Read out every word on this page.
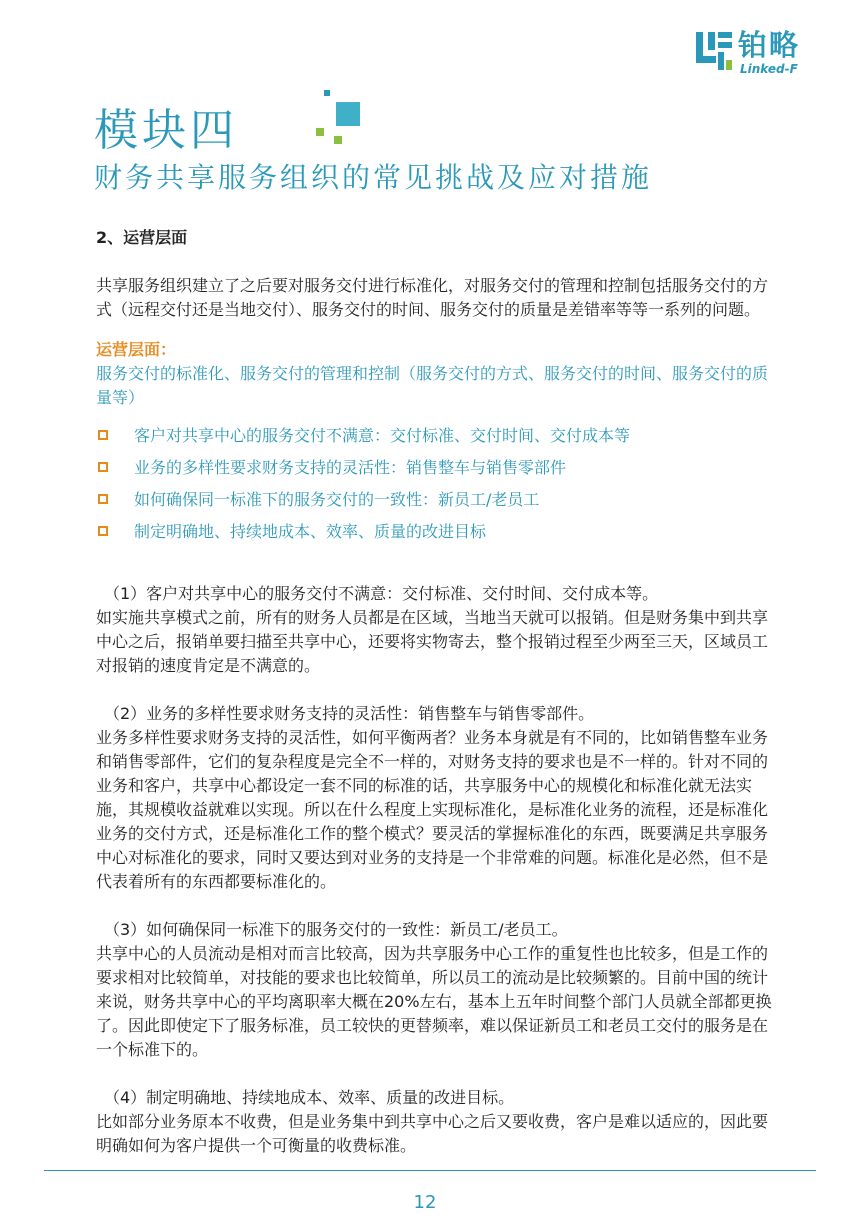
铂略
Linked-F
模块四
财务共享服务组织的常见挑战及应对措施
2、运营层面

共享服务组织建立了之后要对服务交付进行标准化，对服务交付的管理和控制包括服务交付的方式（远程交付还是当地交付）、服务交付的时间、服务交付的质量是差错率等等一系列的问题。

运营层面：
服务交付的标准化、服务交付的管理和控制（服务交付的方式、服务交付的时间、服务交付的质量等）
客户对共享中心的服务交付不满意：交付标准、交付时间、交付成本等
业务的多样性要求财务支持的灵活性：销售整车与销售零部件
如何确保同一标准下的服务交付的一致性：新员工/老员工
制定明确地、持续地成本、效率、质量的改进目标
（1）客户对共享中心的服务交付不满意：交付标准、交付时间、交付成本等。

如实施共享模式之前，所有的财务人员都是在区域，当地当天就可以报销。但是财务集中到共享中心之后，报销单要扫描至共享中心，还要将实物寄去，整个报销过程至少两至三天，区域员工对报销的速度肯定是不满意的。

（2）业务的多样性要求财务支持的灵活性：销售整车与销售零部件。

业务多样性要求财务支持的灵活性，如何平衡两者？业务本身就是有不同的，比如销售整车业务和销售零部件，它们的复杂程度是完全不一样的，对财务支持的要求也是不一样的。针对不同的业务和客户，共享中心都设定一套不同的标准的话，共享服务中心的规模化和标准化就无法实施，其规模收益就难以实现。所以在什么程度上实现标准化，是标准化业务的流程，还是标准化业务的交付方式，还是标准化工作的整个模式？要灵活的掌握标准化的东西，既要满足共享服务中心对标准化的要求，同时又要达到对业务的支持是一个非常难的问题。标准化是必然，但不是代表着所有的东西都要标准化的。

（3）如何确保同一标准下的服务交付的一致性：新员工/老员工。

共享中心的人员流动是相对而言比较高，因为共享服务中心工作的重复性也比较多，但是工作的要求相对比较简单，对技能的要求也比较简单，所以员工的流动是比较频繁的。目前中国的统计来说，财务共享中心的平均离职率大概在20%左右，基本上五年时间整个部门人员就全部都更换了。因此即使定下了服务标准，员工较快的更替频率，难以保证新员工和老员工交付的服务是在一个标准下的。

（4）制定明确地、持续地成本、效率、质量的改进目标。

比如部分业务原本不收费，但是业务集中到共享中心之后又要收费，客户是难以适应的，因此要明确如何为客户提供一个可衡量的收费标准。

12
